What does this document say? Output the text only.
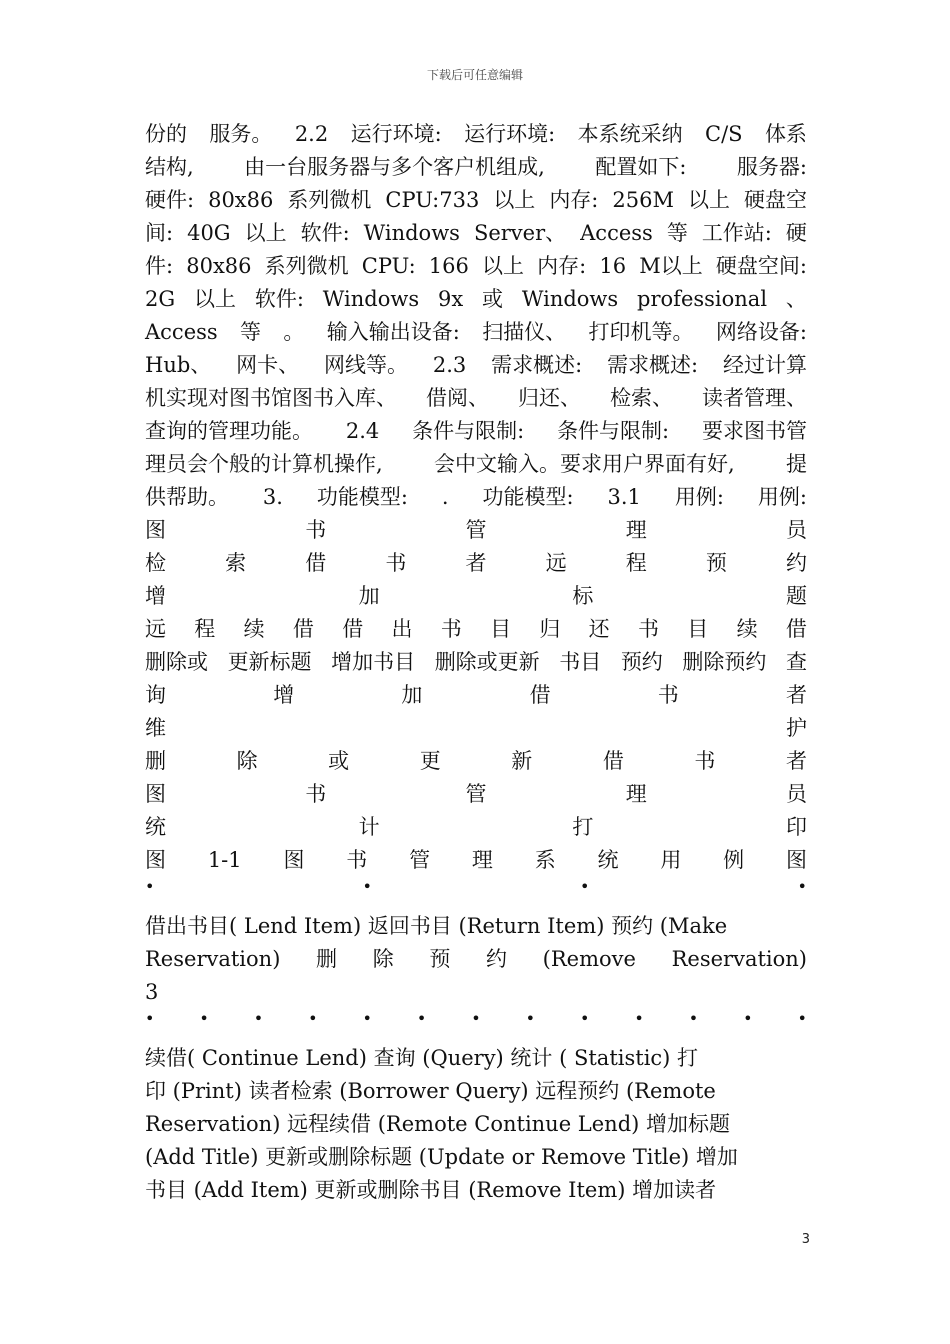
下载后可任意编辑
份的 服务。 2.2 运行环境: 运行环境: 本系统采纳 C/S 体系
结构, 由一台服务器与多个客户机组成, 配置如下: 服务器:
硬件: 80x86 系列微机 CPU:733 以上 内存: 256M 以上 硬盘空
间: 40G 以上 软件: Windows Server、 Access 等 工作站: 硬
件: 80x86 系列微机 CPU: 166 以上 内存: 16 M以上 硬盘空间:
2G 以上 软件: Windows 9x 或 Windows professional 、
Access 等 。 输入输出设备: 扫描仪、 打印机等。 网络设备:
Hub、 网卡、 网线等。 2.3 需求概述: 需求概述: 经过计算
机实现对图书馆图书入库、 借阅、 归还、 检索、 读者管理、
查询的管理功能。 2.4 条件与限制: 条件与限制: 要求图书管
理员会个般的计算机操作, 会中文输入。要求用户界面有好, 提
供帮助。 3. 功能模型: . 功能模型: 3.1 用例: 用例:
图	书	管	理	员
检	索	借	书	者	远	程	预	约
增	加	标	题
远 程 续 借 借 出 书 目 归 还 书 目 续 借
删除或 更新标题 增加书目 删除或更新 书目 预约 删除预约 查
询	增	加	借	书	者
维	护
删	除	或	更	新	借	书	者
图	书	管	理	员
统	计	打	印
图 1-1 图 书 管 理 系 统 用 例 图
•	•	•	•
借出书目( Lend Item) 返回书目 (Return Item) 预约 (Make
Reservation) 删 除 预 约 (Remove Reservation)
3
•	•	•	•	•	•	•	•	•	•	•	•	•
续借( Continue Lend) 查询 (Query) 统计 ( Statistic) 打
印 (Print) 读者检索 (Borrower Query) 远程预约 (Remote
Reservation) 远程续借 (Remote Continue Lend) 增加标题
(Add Title) 更新或删除标题 (Update or Remove Title) 增加
书目 (Add Item) 更新或删除书目 (Remove Item) 增加读者
3
